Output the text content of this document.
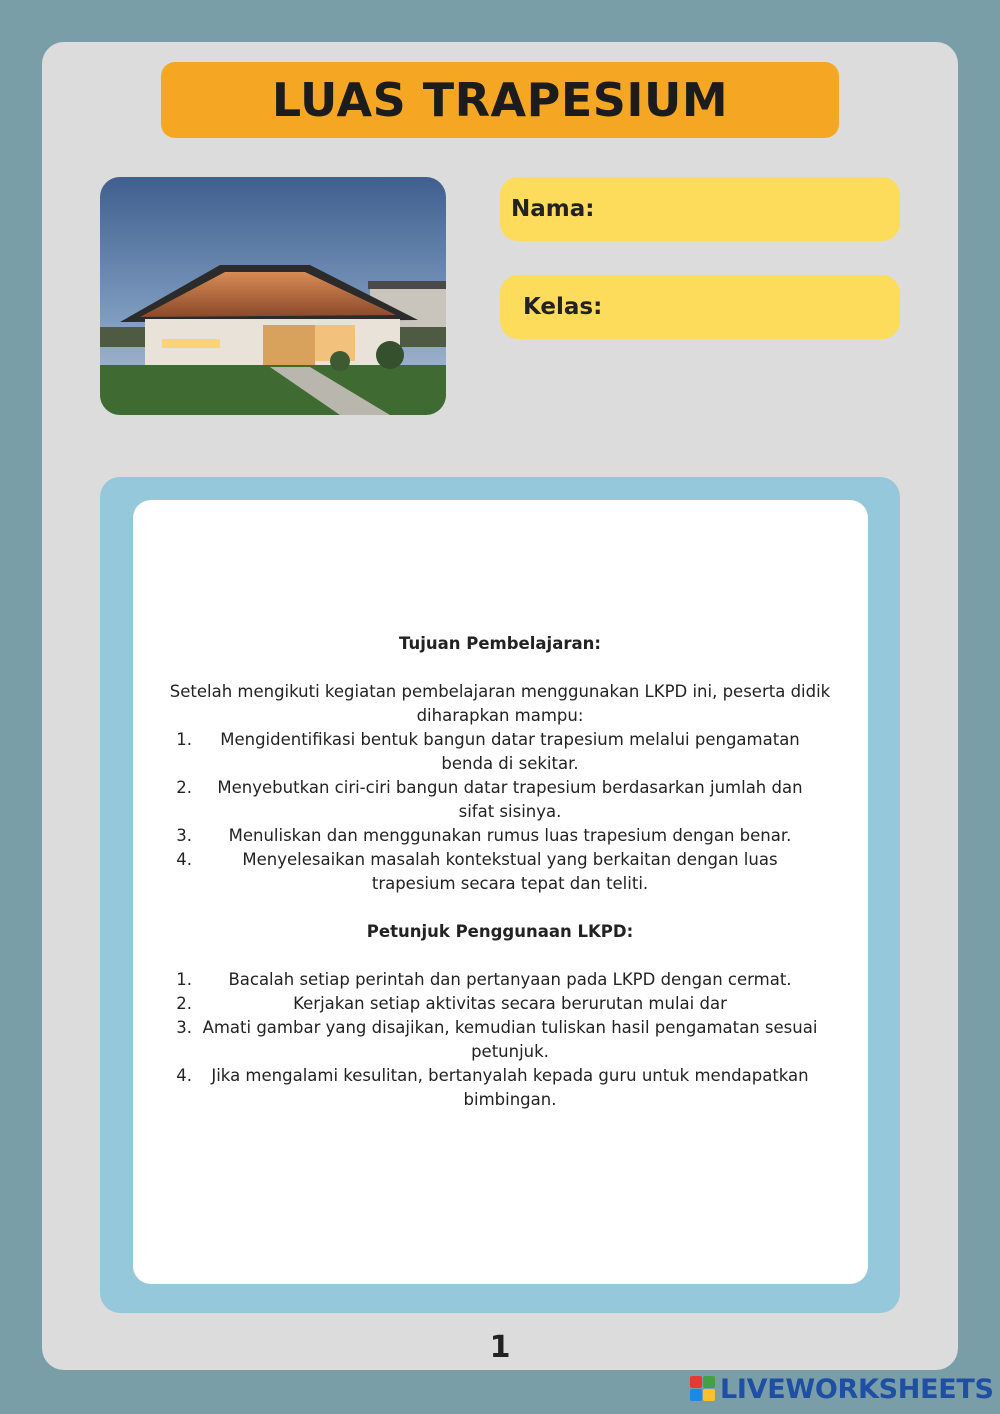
LUAS TRAPESIUM
Nama:
Kelas:

Tujuan Pembelajaran:

Setelah mengikuti kegiatan pembelajaran menggunakan LKPD ini, peserta didik diharapkan mampu:

1.	Mengidentifikasi bentuk bangun datar trapesium melalui pengamatan benda di sekitar.
2.	Menyebutkan ciri-ciri bangun datar trapesium berdasarkan jumlah dan sifat sisinya.
3.	Menuliskan dan menggunakan rumus luas trapesium dengan benar.
4.	Menyelesaikan masalah kontekstual yang berkaitan dengan luas trapesium secara tepat dan teliti.

Petunjuk Penggunaan LKPD:

1.	Bacalah setiap perintah dan pertanyaan pada LKPD dengan cermat.
2.	Kerjakan setiap aktivitas secara berurutan mulai dar
3. Amati gambar yang disajikan, kemudian tuliskan hasil pengamatan sesuai petunjuk.
4.	Jika mengalami kesulitan, bertanyalah kepada guru untuk mendapatkan bimbingan.
1
LIVEWORKSHEETS
